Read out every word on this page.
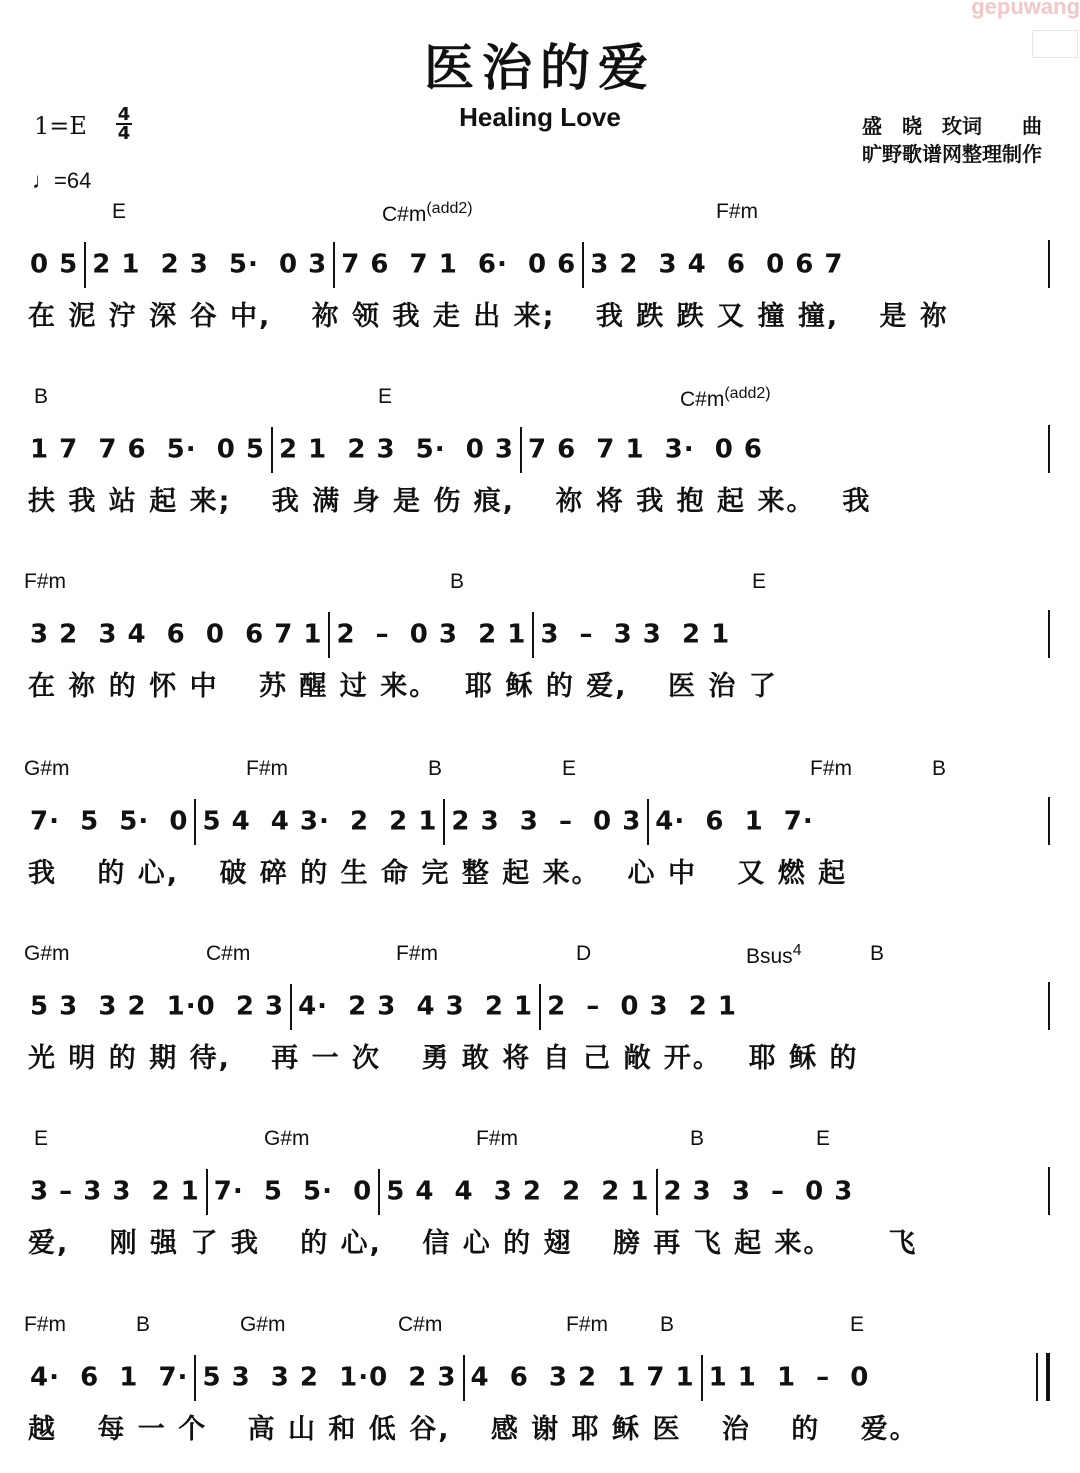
gepuwang
医治的爱
Healing Love
1=E 4
4
♩=64
盛　晓　玫词　　曲
旷野歌谱网整理制作
E	$C\#m^{(add2)}$	F#m
0 5 2 1  2 3  5·  0 3 7 6  7 1  6·  0 6 3 2  3 4  6  0 6 7
在 泥 泞 深 谷 中,　 祢 领 我 走 出 来;　 我 跌 跌 又 撞 撞,　 是 祢
B	E	$C\#m^{(add2)}$
1 7  7 6  5·  0 5 2 1  2 3  5·  0 3 7 6  7 1  3·  0 6
扶 我 站 起 来;　 我 满 身 是 伤 痕,　 祢 将 我 抱 起 来。　 我
F#m	B	E
3 2  3 4  6  0  6 7 1 2  –  0 3  2 1 3  –  3 3  2 1
在 祢 的 怀 中　 苏 醒 过 来。　 耶 稣 的 爱,　 医 治 了
G#m	F#m	B	E	F#m	B
7·  5  5·  0 5 4  4 3·  2  2 1 2 3  3  –  0 3 4·  6  1  7·
我　 的 心,　 破 碎 的 生 命 完 整 起 来。　 心 中　 又 燃 起
G#m	C#m	F#m	D	Bsus$^4$	B
5 3  3 2  1·0  2 3 4·  2 3  4 3  2 1 2  –  0 3  2 1
光 明 的 期 待,　 再 一 次　 勇 敢 将 自 己 敞 开。　 耶 稣 的
E	G#m	F#m	B	E
3 – 3 3  2 1 7·  5  5·  0 5 4  4  3 2  2  2 1 2 3  3  –  0 3
爱,　 刚 强 了 我　 的 心,　 信 心 的 翅　 膀 再 飞 起 来。　　 飞
F#m	B	G#m	C#m	F#m B	E
4·  6  1  7· 5 3  3 2  1·0  2 3 4  6  3 2  1 7 1 1 1  1  –  0
越　 每 一 个　 高 山 和 低 谷,　 感 谢 耶 稣 医　 治　 的　 爱。
